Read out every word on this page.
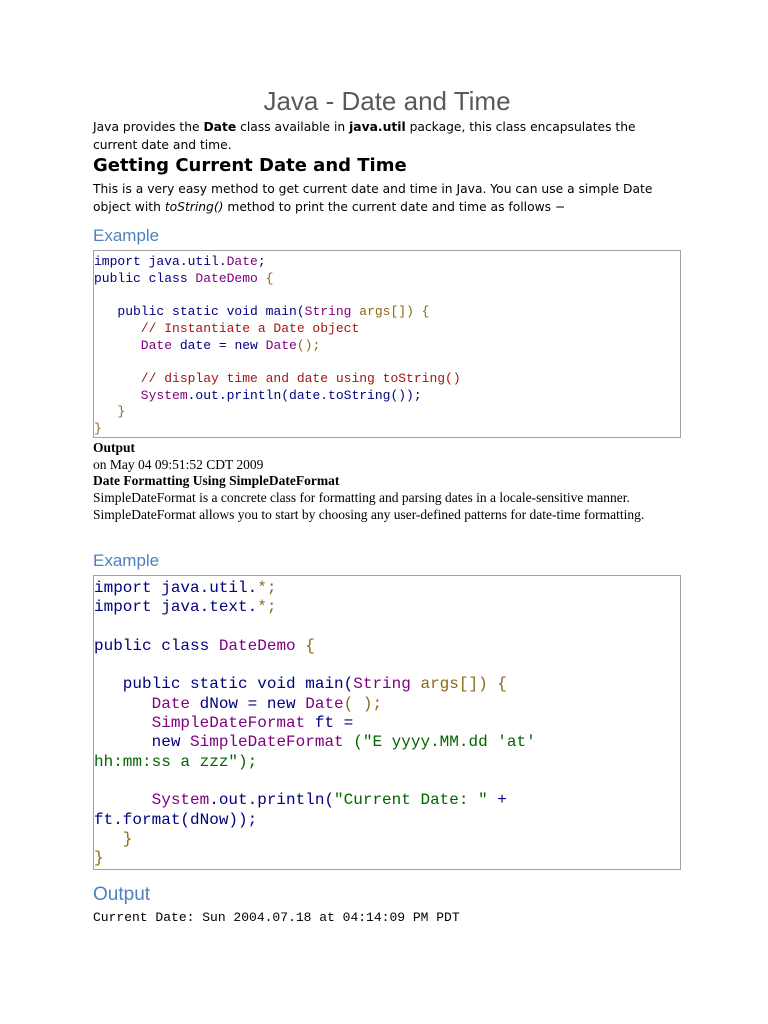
Java - Date and Time
Java provides the Date class available in java.util package, this class encapsulates the current date and time.
Getting Current Date and Time
This is a very easy method to get current date and time in Java. You can use a simple Date object with toString() method to print the current date and time as follows −
Example
import java.util.Date;
public class DateDemo {

public static void main(String args[]) {
// Instantiate a Date object
Date date = new Date();

// display time and date using toString()
System.out.println(date.toString());
}
}
Output
on May 04 09:51:52 CDT 2009
Date Formatting Using SimpleDateFormat
SimpleDateFormat is a concrete class for formatting and parsing dates in a locale-sensitive manner. SimpleDateFormat allows you to start by choosing any user-defined patterns for date-time formatting.
Example
import java.util.*;
import java.text.*;

public class DateDemo {

public static void main(String args[]) {
Date dNow = new Date( );
SimpleDateFormat ft =
new SimpleDateFormat ("E yyyy.MM.dd 'at'
hh:mm:ss a zzz");

System.out.println("Current Date: " +
ft.format(dNow));
}
}
Output
Current Date: Sun 2004.07.18 at 04:14:09 PM PDT
